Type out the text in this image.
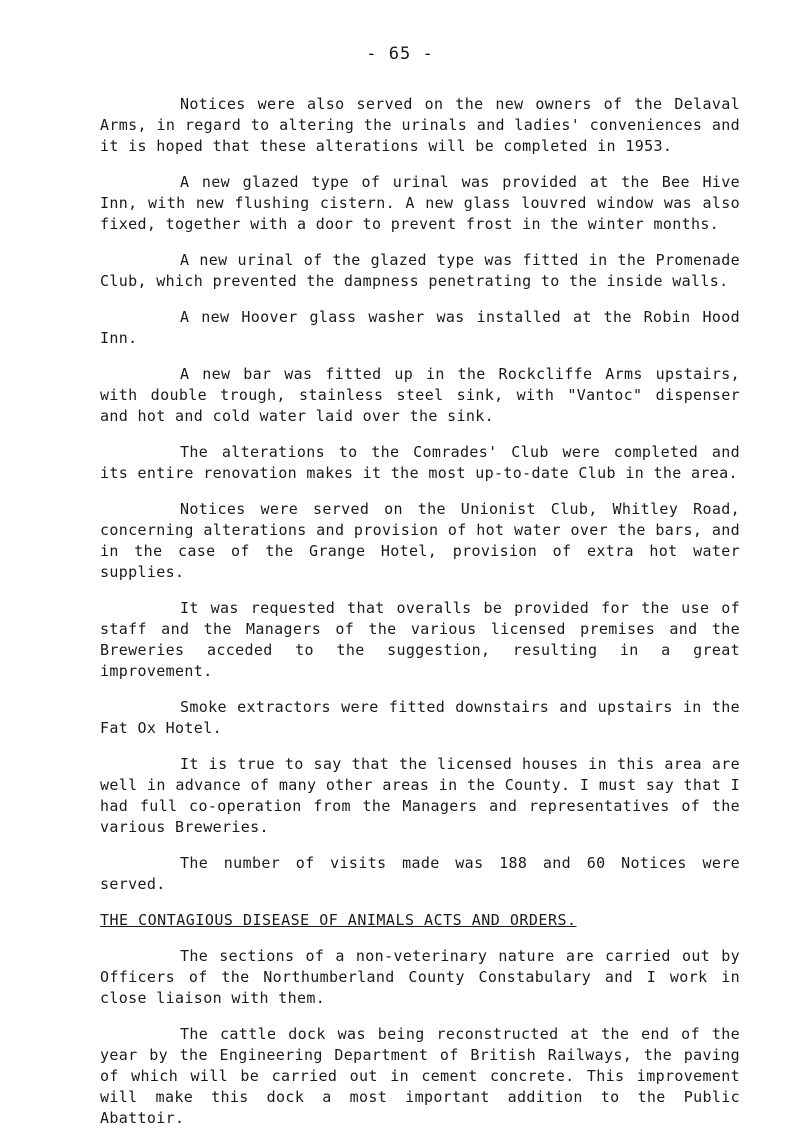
- 65 -

Notices were also served on the new owners of the Delaval Arms, in regard to altering the urinals and ladies' conveniences and it is hoped that these alterations will be completed in 1953.

A new glazed type of urinal was provided at the Bee Hive Inn, with new flushing cistern. A new glass louvred window was also fixed, together with a door to prevent frost in the winter months.

A new urinal of the glazed type was fitted in the Promenade Club, which prevented the dampness penetrating to the inside walls.

A new Hoover glass washer was installed at the Robin Hood Inn.

A new bar was fitted up in the Rockcliffe Arms upstairs, with double trough, stainless steel sink, with "Vantoc" dispenser and hot and cold water laid over the sink.

The alterations to the Comrades' Club were completed and its entire renovation makes it the most up-to-date Club in the area.

Notices were served on the Unionist Club, Whitley Road, concerning alterations and provision of hot water over the bars, and in the case of the Grange Hotel, provision of extra hot water supplies.

It was requested that overalls be provided for the use of staff and the Managers of the various licensed premises and the Breweries acceded to the suggestion, resulting in a great improvement.

Smoke extractors were fitted downstairs and upstairs in the Fat Ox Hotel.

It is true to say that the licensed houses in this area are well in advance of many other areas in the County. I must say that I had full co-operation from the Managers and representatives of the various Breweries.

The number of visits made was 188 and 60 Notices were served.

THE CONTAGIOUS DISEASE OF ANIMALS ACTS AND ORDERS.

The sections of a non-veterinary nature are carried out by Officers of the Northumberland County Constabulary and I work in close liaison with them.

The cattle dock was being reconstructed at the end of the year by the Engineering Department of British Railways, the paving of which will be carried out in cement concrete. This improvement will make this dock a most important addition to the Public Abattoir.
